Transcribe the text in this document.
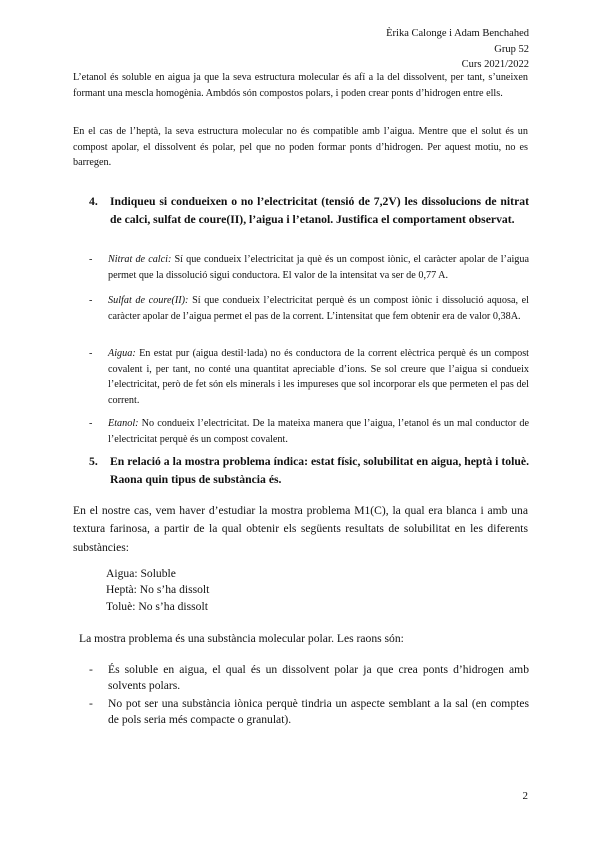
Èrika Calonge i Adam Benchahed
Grup 52
Curs 2021/2022
L’etanol és soluble en aigua ja que la seva estructura molecular és afí a la del dissolvent, per tant, s’uneixen formant una mescla homogènia. Ambdós són compostos polars, i poden crear ponts d’hidrogen entre ells.
En el cas de l’heptà, la seva estructura molecular no és compatible amb l’aigua. Mentre que el solut és un compost apolar, el dissolvent és polar, pel que no poden formar ponts d’hidrogen. Per aquest motiu, no es barregen.
4. Indiqueu si condueixen o no l’electricitat (tensió de 7,2V) les dissolucions de nitrat de calci, sulfat de coure(II), l’aigua i l’etanol. Justifica el comportament observat.
- Nitrat de calci: Sí que condueix l’electricitat ja què és un compost iònic, el caràcter apolar de l’aigua permet que la dissolució sigui conductora. El valor de la intensitat va ser de 0,77 A.
- Sulfat de coure(II): Sí que condueix l’electricitat perquè és un compost iònic i dissolució aquosa, el caràcter apolar de l’aigua permet el pas de la corrent. L’intensitat que fem obtenir era de valor 0,38A.
- Aigua: En estat pur (aigua destil·lada) no és conductora de la corrent elèctrica perquè és un compost covalent i, per tant, no conté una quantitat apreciable d’ions. Se sol creure que l’aigua si condueix l’electricitat, però de fet són els minerals i les impureses que sol incorporar els que permeten el pas del corrent.
- Etanol: No condueix l’electricitat. De la mateixa manera que l’aigua, l’etanol és un mal conductor de l’electricitat perquè és un compost covalent.
5. En relació a la mostra problema índica: estat físic, solubilitat en aigua, heptà i toluè. Raona quin tipus de substància és.
En el nostre cas, vem haver d’estudiar la mostra problema M1(C), la qual era blanca i amb una textura farinosa, a partir de la qual obtenir els següents resultats de solubilitat en les diferents substàncies:
Aigua: Soluble
Heptà: No s’ha dissolt
Toluè: No s’ha dissolt
La mostra problema és una substància molecular polar. Les raons són:
- És soluble en aigua, el qual és un dissolvent polar ja que crea ponts d’hidrogen amb solvents polars.
- No pot ser una substància iònica perquè tindria un aspecte semblant a la sal (en comptes de pols seria més compacte o granulat).
2
